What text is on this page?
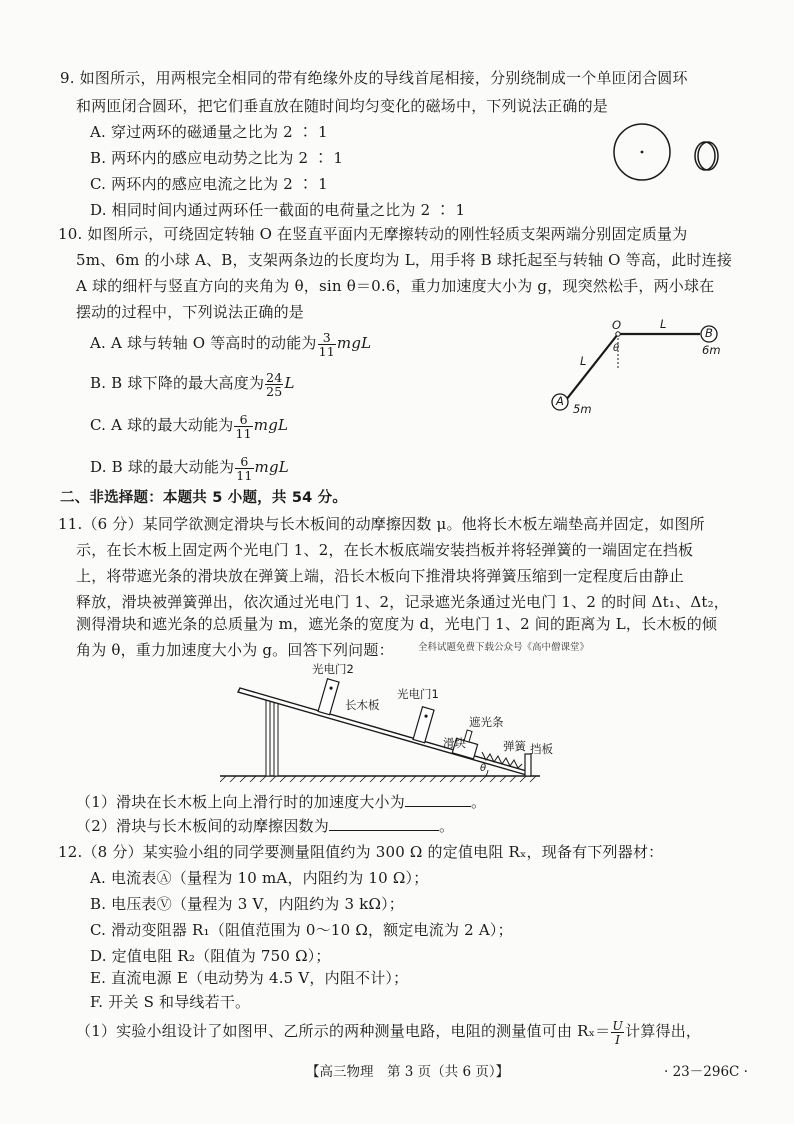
9. 如图所示，用两根完全相同的带有绝缘外皮的导线首尾相接，分别绕制成一个单匝闭合圆环
和两匝闭合圆环，把它们垂直放在随时间均匀变化的磁场中，下列说法正确的是
A. 穿过两环的磁通量之比为 2 ∶ 1
B. 两环内的感应电动势之比为 2 ∶ 1
C. 两环内的感应电流之比为 2 ∶ 1
D. 相同时间内通过两环任一截面的电荷量之比为 2 ∶ 1
10. 如图所示，可绕固定转轴 O 在竖直平面内无摩擦转动的刚性轻质支架两端分别固定质量为
5m、6m 的小球 A、B，支架两条边的长度均为 L，用手将 B 球托起至与转轴 O 等高，此时连接
A 球的细杆与竖直方向的夹角为 θ，sin θ＝0.6，重力加速度大小为 g，现突然松手，两小球在
摆动的过程中，下列说法正确的是
A. A 球与转轴 O 等高时的动能为 $\frac{3}{11}$ mgL
B. B 球下降的最大高度为 $\frac{24}{25}$ L
C. A 球的最大动能为 $\frac{6}{11}$ mgL
D. B 球的最大动能为 $\frac{6}{11}$ mgL
O	L
B
6m
L
θ
A
5m
二、非选择题：本题共 5 小题，共 54 分。
11.（6 分）某同学欲测定滑块与长木板间的动摩擦因数 μ。他将长木板左端垫高并固定，如图所
示，在长木板上固定两个光电门 1、2，在长木板底端安装挡板并将轻弹簧的一端固定在挡板
上，将带遮光条的滑块放在弹簧上端，沿长木板向下推滑块将弹簧压缩到一定程度后由静止
释放，滑块被弹簧弹出，依次通过光电门 1、2，记录遮光条通过光电门 1、2 的时间 Δt₁、Δt₂，
测得滑块和遮光条的总质量为 m，遮光条的宽度为 d，光电门 1、2 间的距离为 L，长木板的倾
角为 θ，重力加速度大小为 g。回答下列问题：	全科试题免费下载公众号《高中僧课堂》
光电门2
长木板
光电门1
遮光条
滑块	弹簧 挡板
θ
（1）滑块在长木板上向上滑行时的加速度大小为	。
（2）滑块与长木板间的动摩擦因数为	。
12.（8 分）某实验小组的同学要测量阻值约为 300 Ω 的定值电阻 Rₓ，现备有下列器材：
A. 电流表Ⓐ（量程为 10 mA，内阻约为 10 Ω）；
B. 电压表Ⓥ（量程为 3 V，内阻约为 3 kΩ）；
C. 滑动变阻器 R₁（阻值范围为 0～10 Ω，额定电流为 2 A）；
D. 定值电阻 R₂（阻值为 750 Ω）；
E. 直流电源 E（电动势为 4.5 V，内阻不计）；
F. 开关 S 和导线若干。
（1）实验小组设计了如图甲、乙所示的两种测量电路，电阻的测量值可由 $R_x= \frac{U}{I}$ 计算得出，
【高三物理　第 3 页（共 6 页）】	· 23－296C ·
